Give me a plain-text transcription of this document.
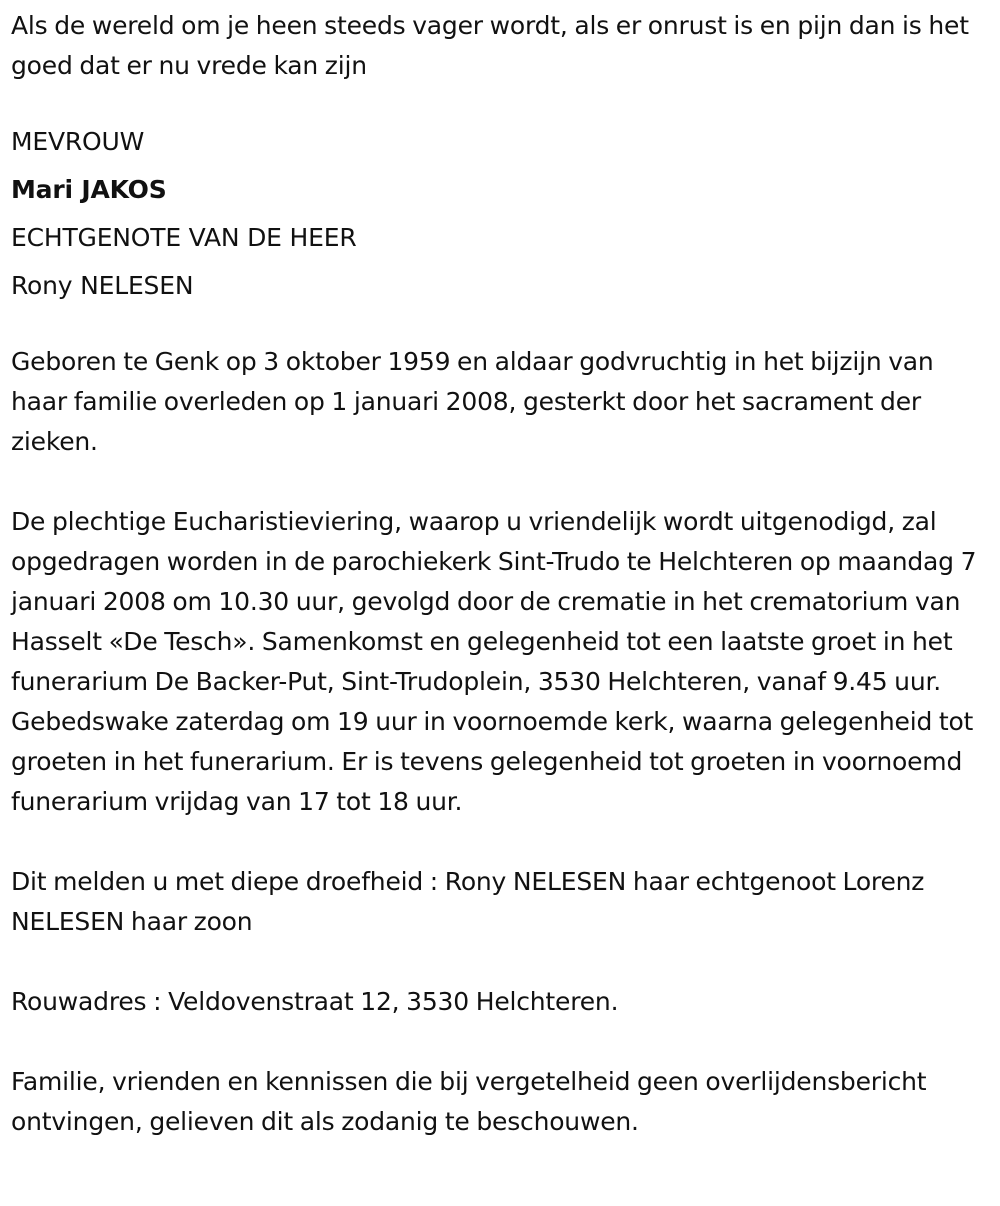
Als de wereld om je heen steeds vager wordt, als er onrust is en pijn dan is het goed dat er nu vrede kan zijn

MEVROUW

Mari JAKOS

ECHTGENOTE VAN DE HEER

Rony NELESEN

Geboren te Genk op 3 oktober 1959 en aldaar godvruchtig in het bijzijn van haar familie overleden op 1 januari 2008, gesterkt door het sacrament der zieken.

De plechtige Eucharistieviering, waarop u vriendelijk wordt uitgenodigd, zal opgedragen worden in de parochiekerk Sint-Trudo te Helchteren op maandag 7 januari 2008 om 10.30 uur, gevolgd door de crematie in het crematorium van Hasselt «De Tesch». Samenkomst en gelegenheid tot een laatste groet in het funerarium De Backer-Put, Sint-Trudoplein, 3530 Helchteren, vanaf 9.45 uur. Gebedswake zaterdag om 19 uur in voornoemde kerk, waarna gelegenheid tot groeten in het funerarium. Er is tevens gelegenheid tot groeten in voornoemd funerarium vrijdag van 17 tot 18 uur.

Dit melden u met diepe droefheid : Rony NELESEN haar echtgenoot Lorenz NELESEN haar zoon

Rouwadres : Veldovenstraat 12, 3530 Helchteren.

Familie, vrienden en kennissen die bij vergetelheid geen overlijdensbericht ontvingen, gelieven dit als zodanig te beschouwen.
